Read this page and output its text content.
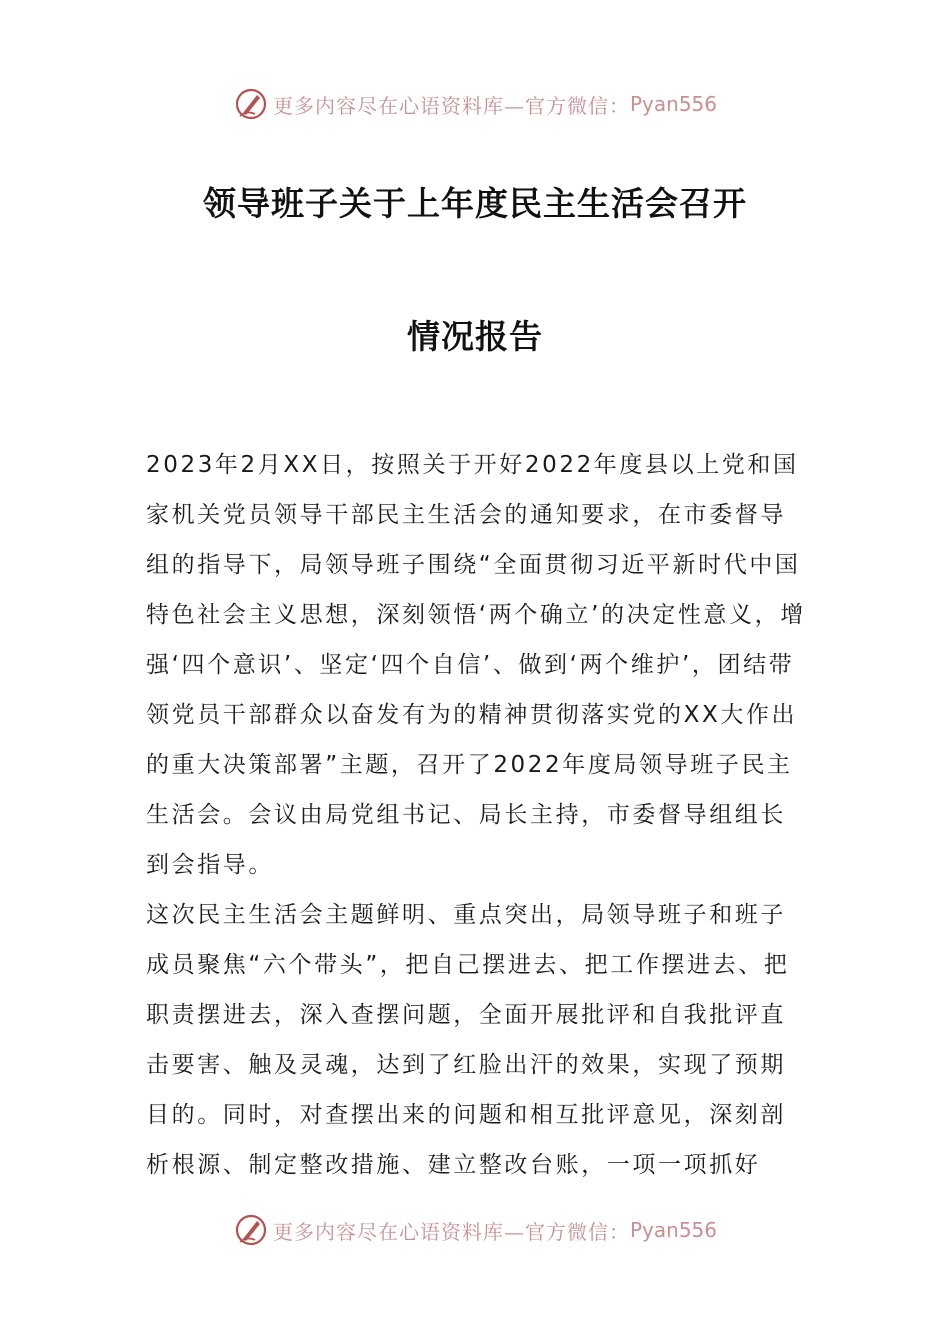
更多内容尽在心语资料库—官方微信： Pyan556
领导班子关于上年度民主生活会召开
情况报告

2023年2月XX日，按照关于开好2022年度县以上党和国家机关党员领导干部民主生活会的通知要求，在市委督导组的指导下，局领导班子围绕“全面贯彻习近平新时代中国特色社会主义思想，深刻领悟‘两个确立’的决定性意义，增强‘四个意识’、坚定‘四个自信’、做到‘两个维护’，团结带领党员干部群众以奋发有为的精神贯彻落实党的XX大作出的重大决策部署”主题，召开了2022年度局领导班子民主生活会。会议由局党组书记、局长主持，市委督导组组长到会指导。

这次民主生活会主题鲜明、重点突出，局领导班子和班子成员聚焦“六个带头”，把自己摆进去、把工作摆进去、把职责摆进去，深入查摆问题，全面开展批评和自我批评直击要害、触及灵魂，达到了红脸出汗的效果，实现了预期目的。同时，对查摆出来的问题和相互批评意见，深刻剖析根源、制定整改措施、建立整改台账，一项一项抓好

更多内容尽在心语资料库—官方微信： Pyan556
